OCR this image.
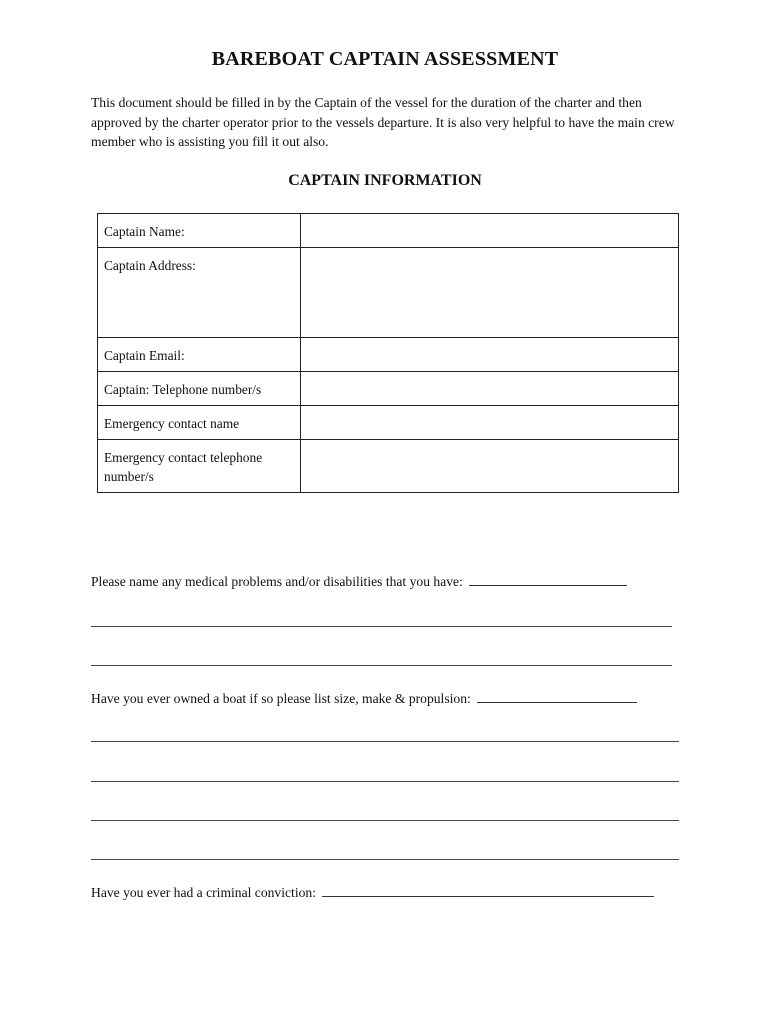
BAREBOAT CAPTAIN ASSESSMENT
This document should be filled in by the Captain of the vessel for the duration of the charter and then approved by the charter operator prior to the vessels departure. It is also very helpful to have the main crew member who is assisting you fill it out also.
CAPTAIN INFORMATION
Captain Name:	
Captain Address:	
Captain Email:	
Captain: Telephone number/s	
Emergency contact name	
Emergency contact telephone number/s	
Please name any medical problems and/or disabilities that you have:
Have you ever owned a boat if so please list size, make & propulsion:
Have you ever had a criminal conviction:
